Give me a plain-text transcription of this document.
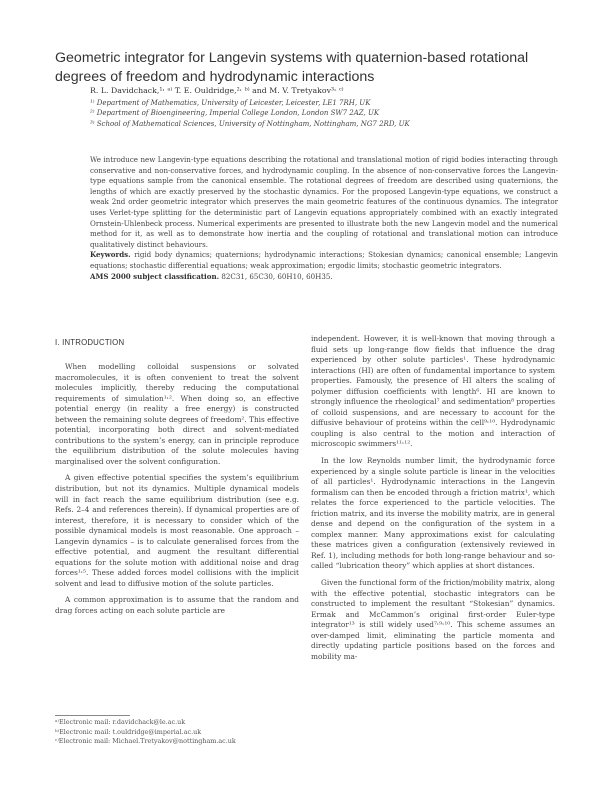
Geometric integrator for Langevin systems with quaternion-based rotational degrees of freedom and hydrodynamic interactions
R. L. Davidchack,¹˒ ᵃ⁾ T. E. Ouldridge,²˒ ᵇ⁾ and M. V. Tretyakov³˒ ᶜ⁾
¹⁾ Department of Mathematics, University of Leicester, Leicester, LE1 7RH, UK
²⁾ Department of Bioengineering, Imperial College London, London SW7 2AZ, UK
³⁾ School of Mathematical Sciences, University of Nottingham, Nottingham, NG7 2RD, UK
We introduce new Langevin-type equations describing the rotational and translational motion of rigid bodies interacting through conservative and non-conservative forces, and hydrodynamic coupling. In the absence of non-conservative forces the Langevin-type equations sample from the canonical ensemble. The rotational degrees of freedom are described using quaternions, the lengths of which are exactly preserved by the stochastic dynamics. For the proposed Langevin-type equations, we construct a weak 2nd order geometric integrator which preserves the main geometric features of the continuous dynamics. The integrator uses Verlet-type splitting for the deterministic part of Langevin equations appropriately combined with an exactly integrated Ornstein-Uhlenbeck process. Numerical experiments are presented to illustrate both the new Langevin model and the numerical method for it, as well as to demonstrate how inertia and the coupling of rotational and translational motion can introduce qualitatively distinct behaviours.
Keywords. rigid body dynamics; quaternions; hydrodynamic interactions; Stokesian dynamics; canonical ensemble; Langevin equations; stochastic differential equations; weak approximation; ergodic limits; stochastic geometric integrators.
AMS 2000 subject classification. 82C31, 65C30, 60H10, 60H35.
I. INTRODUCTION

When modelling colloidal suspensions or solvated macromolecules, it is often convenient to treat the solvent molecules implicitly, thereby reducing the computational requirements of simulation¹˒². When doing so, an effective potential energy (in reality a free energy) is constructed between the remaining solute degrees of freedom². This effective potential, incorporating both direct and solvent-mediated contributions to the system’s energy, can in principle reproduce the equilibrium distribution of the solute molecules having marginalised over the solvent configuration.

A given effective potential specifies the system’s equilibrium distribution, but not its dynamics. Multiple dynamical models will in fact reach the same equilibrium distribution (see e.g. Refs. 2–4 and references therein). If dynamical properties are of interest, therefore, it is necessary to consider which of the possible dynamical models is most reasonable. One approach – Langevin dynamics – is to calculate generalised forces from the effective potential, and augment the resultant differential equations for the solute motion with additional noise and drag forces¹˒⁵. These added forces model collisions with the implicit solvent and lead to diffusive motion of the solute particles.

A common approximation is to assume that the random and drag forces acting on each solute particle are

independent. However, it is well-known that moving through a fluid sets up long-range flow fields that influence the drag experienced by other solute particles¹. These hydrodynamic interactions (HI) are often of fundamental importance to system properties. Famously, the presence of HI alters the scaling of polymer diffusion coefficients with length⁶. HI are known to strongly influence the rheological⁷ and sedimentation⁸ properties of colloid suspensions, and are necessary to account for the diffusive behaviour of proteins within the cell⁹˒¹⁰. Hydrodynamic coupling is also central to the motion and interaction of microscopic swimmers¹¹˒¹².

In the low Reynolds number limit, the hydrodynamic force experienced by a single solute particle is linear in the velocities of all particles¹. Hydrodynamic interactions in the Langevin formalism can then be encoded through a friction matrix¹, which relates the force experienced to the particle velocities. The friction matrix, and its inverse the mobility matrix, are in general dense and depend on the configuration of the system in a complex manner. Many approximations exist for calculating these matrices given a configuration (extensively reviewed in Ref. 1), including methods for both long-range behaviour and so-called “lubrication theory” which applies at short distances.

Given the functional form of the friction/mobility matrix, along with the effective potential, stochastic integrators can be constructed to implement the resultant “Stokesian” dynamics. Ermak and McCammon’s original first-order Euler-type integrator¹³ is still widely used⁷˒⁹˒¹⁰. This scheme assumes an over-damped limit, eliminating the particle momenta and directly updating particle positions based on the forces and mobility ma-

ᵃ⁾Electronic mail: r.davidchack@le.ac.uk
ᵇ⁾Electronic mail: t.ouldridge@imperial.ac.uk
ᶜ⁾Electronic mail: Michael.Tretyakov@nottingham.ac.uk
